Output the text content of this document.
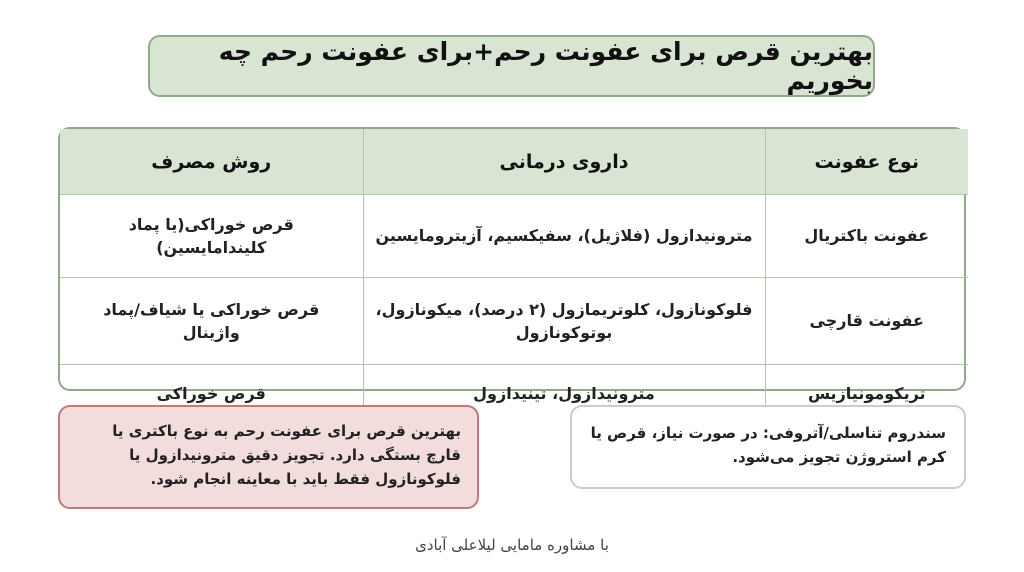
بهترین قرص برای عفونت رحم+برای عفونت رحم چه بخوریم
نوع عفونت	داروی درمانی	روش مصرف
عفونت باکتریال	مترونیدازول (فلاژیل)، سفیکسیم، آزیترومایسین	قرص خوراکی(یا پماد کلیندامایسین)
عفونت قارچی	فلوکونازول، کلوتریمازول (۲ درصد)، میکونازول، بوتوکونازول	قرص خوراکی یا شیاف/پماد واژینال
تریکومونیازیس	مترونیدازول، تینیدازول	قرص خوراکی
سندروم تناسلی/آتروفی: در صورت نیاز، قرص یا کرم استروژن تجویز می‌شود.
بهترین قرص برای عفونت رحم به نوع باکتری یا قارچ بستگی دارد. تجویز دقیق مترونیدازول یا فلوکونازول فقط باید با معاینه انجام شود.
با مشاوره مامایی لیلاعلی آبادی
